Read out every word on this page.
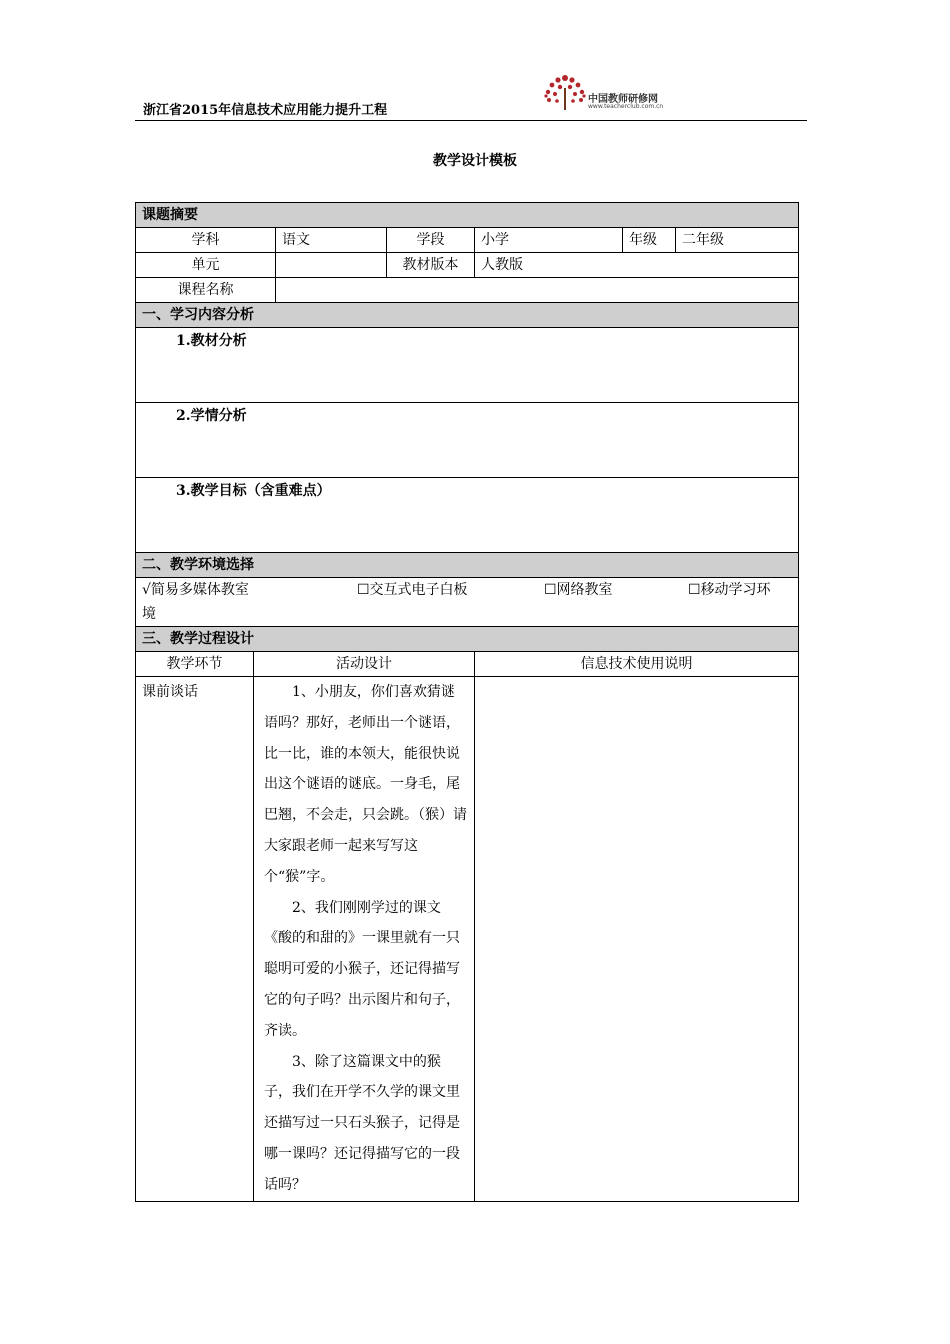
浙江省2015年信息技术应用能力提升工程
中国教师研修网
www.teacherclub.com.cn
教学设计模板
课题摘要						
学科		语文	学段	小学	年级	二年级
单元			教材版本	人教版		
课程名称						
一、学习内容分析						
1.教材分析						
2.学情分析						
3.教学目标（含重难点）						
二、教学环境选择						

√简易多媒体教室 ☐交互式电子白板 ☐网络教室 ☐移动学习环
境						

三、教学过程设计						
教学环节	活动设计			信息技术使用说明		
课前谈话	1、小朋友，你们喜欢猜谜语吗？那好，老师出一个谜语，比一比，谁的本领大，能很快说出这个谜语的谜底。一身毛，尾巴翘，不会走，只会跳。（猴）请大家跟老师一起来写写这个“猴”字。

2、我们刚刚学过的课文《酸的和甜的》一课里就有一只聪明可爱的小猴子，还记得描写它的句子吗？出示图片和句子，齐读。

3、除了这篇课文中的猴子，我们在开学不久学的课文里还描写过一只石头猴子，记得是哪一课吗？还记得描写它的一段话吗？					
